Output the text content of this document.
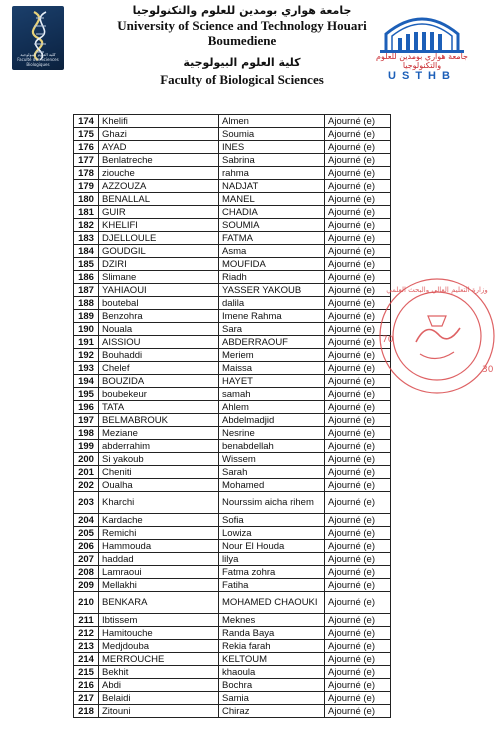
كلية العلوم البيولوجية
Faculté des Sciences Biologiques
جامعة هواري بومدين للعلوم والتكنولوجيا
University of Science and Technology Houari
Boumediene
كلية العلوم البيولوجية
Faculty of Biological Sciences
جامعة هواري بومدين للعلوم والتكنولوجيا
USTHB
174	Khelifi	Almen	Ajourné (e)
175	Ghazi	Soumia	Ajourné (e)
176	AYAD	INES	Ajourné (e)
177	Benlatreche	Sabrina	Ajourné (e)
178	ziouche	rahma	Ajourné (e)
179	AZZOUZA	NADJAT	Ajourné (e)
180	BENALLAL	MANEL	Ajourné (e)
181	GUIR	CHADIA	Ajourné (e)
182	KHELIFI	SOUMIA	Ajourné (e)
183	DJELLOULE	FATMA	Ajourné (e)
184	GOUDGIL	Asma	Ajourné (e)
185	DZIRI	MOUFIDA	Ajourné (e)
186	Slimane	Riadh	Ajourné (e)
187	YAHIAOUI	YASSER YAKOUB	Ajourné (e)
188	boutebal	dalila	Ajourné (e)
189	Benzohra	Imene Rahma	Ajourné (e)
190	Nouala	Sara	Ajourné (e)
191	AISSIOU	ABDERRAOUF	Ajourné (e)
192	Bouhaddi	Meriem	Ajourné (e)
193	Chelef	Maissa	Ajourné (e)
194	BOUZIDA	HAYET	Ajourné (e)
195	boubekeur	samah	Ajourné (e)
196	TATA	Ahlem	Ajourné (e)
197	BELMABROUK	Abdelmadjid	Ajourné (e)
198	Meziane	Nesrine	Ajourné (e)
199	abderrahim	benabdellah	Ajourné (e)
200	Si yakoub	Wissem	Ajourné (e)
201	Cheniti	Sarah	Ajourné (e)
202	Oualha	Mohamed	Ajourné (e)
203	Kharchi	Nourssim aicha rihem	Ajourné (e)
204	Kardache	Sofia	Ajourné (e)
205	Remichi	Lowiza	Ajourné (e)
206	Hammouda	Nour El Houda	Ajourné (e)
207	haddad	lilya	Ajourné (e)
208	Lamraoui	Fatma zohra	Ajourné (e)
209	Mellakhi	Fatiha	Ajourné (e)
210	BENKARA	MOHAMED CHAOUKI	Ajourné (e)
211	Ibtissem	Meknes	Ajourné (e)
212	Hamitouche	Randa Baya	Ajourné (e)
213	Medjdouba	Rekia farah	Ajourné (e)
214	MERROUCHE	KELTOUM	Ajourné (e)
215	Bekhit	khaoula	Ajourné (e)
216	Abdi	Bochra	Ajourné (e)
217	Belaidi	Samia	Ajourné (e)
218	Zitouni	Chiraz	Ajourné (e)
70
30
وزارة التعليم العالي والبحث العلمي
